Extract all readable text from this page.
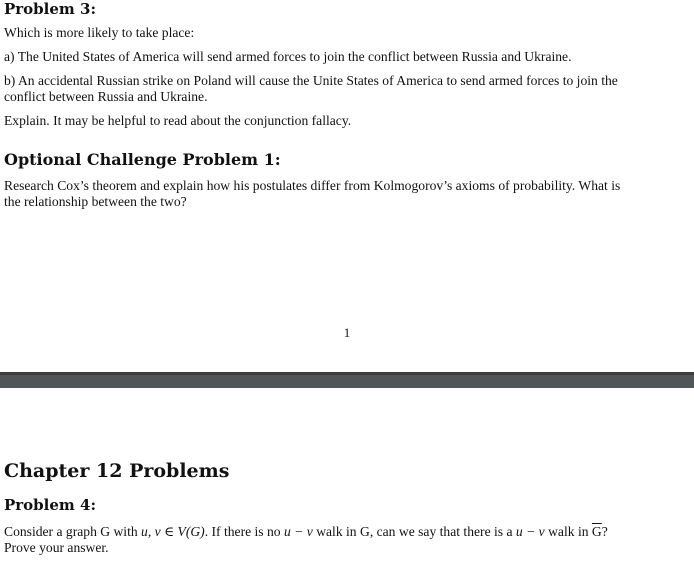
Problem 3:
Which is more likely to take place:
a) The United States of America will send armed forces to join the conflict between Russia and Ukraine.
b) An accidental Russian strike on Poland will cause the Unite States of America to send armed forces to join the
conflict between Russia and Ukraine.
Explain. It may be helpful to read about the conjunction fallacy.
Optional Challenge Problem 1:
Research Cox’s theorem and explain how his postulates differ from Kolmogorov’s axioms of probability. What is
the relationship between the two?
1
Chapter 12 Problems
Problem 4:
Consider a graph G with u, v ∈ V(G). If there is no u − v walk in G, can we say that there is a u − v walk in $\overline{G}$?
Prove your answer.
